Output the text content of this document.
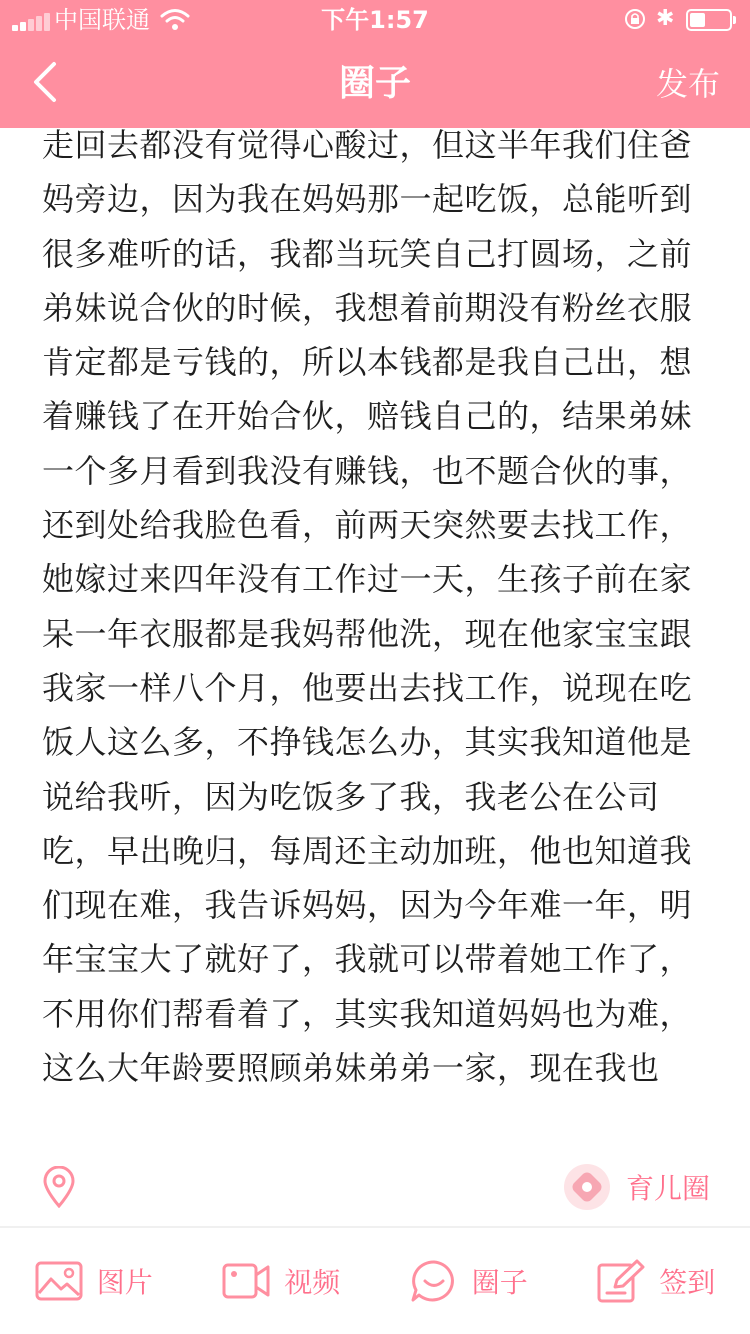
中国联通	下午1:57	✱
圈子	发布

走回去都没有觉得心酸过，但这半年我们住爸妈旁边，因为我在妈妈那一起吃饭，总能听到很多难听的话，我都当玩笑自己打圆场，之前弟妹说合伙的时候，我想着前期没有粉丝衣服肯定都是亏钱的，所以本钱都是我自己出，想着赚钱了在开始合伙，赔钱自己的，结果弟妹一个多月看到我没有赚钱，也不题合伙的事，还到处给我脸色看，前两天突然要去找工作，她嫁过来四年没有工作过一天，生孩子前在家呆一年衣服都是我妈帮他洗，现在他家宝宝跟我家一样八个月，他要出去找工作，说现在吃饭人这么多，不挣钱怎么办，其实我知道他是说给我听，因为吃饭多了我，我老公在公司吃，早出晚归，每周还主动加班，他也知道我们现在难，我告诉妈妈，因为今年难一年，明年宝宝大了就好了，我就可以带着她工作了，不用你们帮看着了，其实我知道妈妈也为难，这么大年龄要照顾弟妹弟弟一家，现在我也

育儿圈
图片	视频	圈子	签到
